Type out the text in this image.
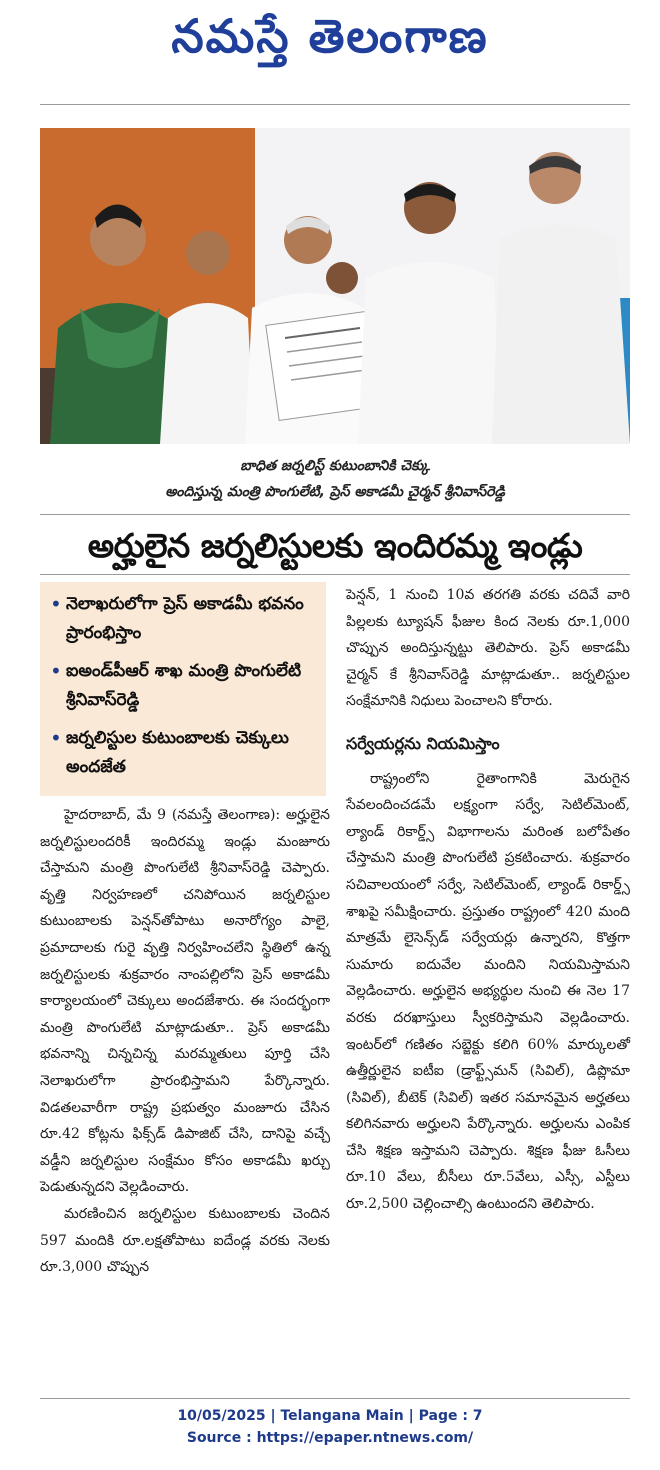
నమస్తే తెలంగాణ
బాధిత జర్నలిస్ట్ కుటుంబానికి చెక్కు
అందిస్తున్న మంత్రి పొంగులేటి, ప్రెస్ అకాడమీ చైర్మన్ శ్రీనివాస్‌రెడ్డి
అర్హులైన జర్నలిస్టులకు ఇందిరమ్మ ఇండ్లు
• నెలాఖరులోగా ప్రెస్ అకాడమీ భవనం ప్రారంభిస్తాం
• ఐఅండ్‌పీఆర్ శాఖ మంత్రి పొంగులేటి శ్రీనివాస్‌రెడ్డి
• జర్నలిస్టుల కుటుంబాలకు చెక్కులు అందజేత

హైదరాబాద్, మే 9 (నమస్తే తెలంగాణ): అర్హులైన జర్నలిస్టులందరికీ ఇందిరమ్మ ఇండ్లు మంజూరు చేస్తామని మంత్రి పొంగులేటి శ్రీనివాస్‌రెడ్డి చెప్పారు. వృత్తి నిర్వహణలో చనిపోయిన జర్నలిస్టుల కుటుంబాలకు పెన్షన్‌తోపాటు అనారోగ్యం పాలై, ప్రమాదాలకు గురై వృత్తి నిర్వహించలేని స్థితిలో ఉన్న జర్నలిస్టులకు శుక్రవారం నాంపల్లిలోని ప్రెస్ అకాడమీ కార్యాలయంలో చెక్కులు అందజేశారు. ఈ సందర్భంగా మంత్రి పొంగులేటి మాట్లాడుతూ.. ప్రెస్ అకాడమీ భవనాన్ని చిన్నచిన్న మరమ్మతులు పూర్తి చేసి నెలాఖరులోగా ప్రారంభిస్తామని పేర్కొన్నారు. విడతలవారీగా రాష్ట్ర ప్రభుత్వం మంజూరు చేసిన రూ.42 కోట్లను ఫిక్స్‌డ్ డిపాజిట్ చేసి, దానిపై వచ్చే వడ్డీని జర్నలిస్టుల సంక్షేమం కోసం అకాడమీ ఖర్చు పెడుతున్నదని వెల్లడించారు.

మరణించిన జర్నలిస్టుల కుటుంబాలకు చెందిన 597 మందికి రూ.లక్షతోపాటు ఐదేండ్ల వరకు నెలకు రూ.3,000 చొప్పున

పెన్షన్, 1 నుంచి 10వ తరగతి వరకు చదివే వారి పిల్లలకు ట్యూషన్ ఫీజుల కింద నెలకు రూ.1,000 చొప్పున అందిస్తున్నట్టు తెలిపారు. ప్రెస్ అకాడమీ చైర్మన్ కే శ్రీనివాస్‌రెడ్డి మాట్లాడుతూ.. జర్నలిస్టుల సంక్షేమానికి నిధులు పెంచాలని కోరారు.

సర్వేయర్లను నియమిస్తాం

రాష్ట్రంలోని రైతాంగానికి మెరుగైన సేవలందించడమే లక్ష్యంగా సర్వే, సెటిల్‌మెంట్, ల్యాండ్ రికార్డ్స్ విభాగాలను మరింత బలోపేతం చేస్తామని మంత్రి పొంగులేటి ప్రకటించారు. శుక్రవారం సచివాలయంలో సర్వే, సెటిల్‌మెంట్, ల్యాండ్ రికార్డ్స్ శాఖపై సమీక్షించారు. ప్రస్తుతం రాష్ట్రంలో 420 మంది మాత్రమే లైసెన్స్‌డ్ సర్వేయర్లు ఉన్నారని, కొత్తగా సుమారు ఐదువేల మందిని నియమిస్తామని వెల్లడించారు. అర్హులైన అభ్యర్థుల నుంచి ఈ నెల 17 వరకు దరఖాస్తులు స్వీకరిస్తామని వెల్లడించారు. ఇంటర్‌లో గణితం సబ్జెక్టు కలిగి 60% మార్కులతో ఉత్తీర్ణులైన ఐటీఐ (డ్రాఫ్ట్స్‌మన్ (సివిల్), డిప్లొమా (సివిల్), బీటెక్ (సివిల్) ఇతర సమానమైన అర్హతలు కలిగినవారు అర్హులని పేర్కొన్నారు. అర్హులను ఎంపిక చేసి శిక్షణ ఇస్తామని చెప్పారు. శిక్షణ ఫీజు ఓసీలు రూ.10 వేలు, బీసీలు రూ.5వేలు, ఎస్సీ, ఎస్టీలు రూ.2,500 చెల్లించాల్సి ఉంటుందని తెలిపారు.

10/05/2025 | Telangana Main | Page : 7
Source : https://epaper.ntnews.com/
